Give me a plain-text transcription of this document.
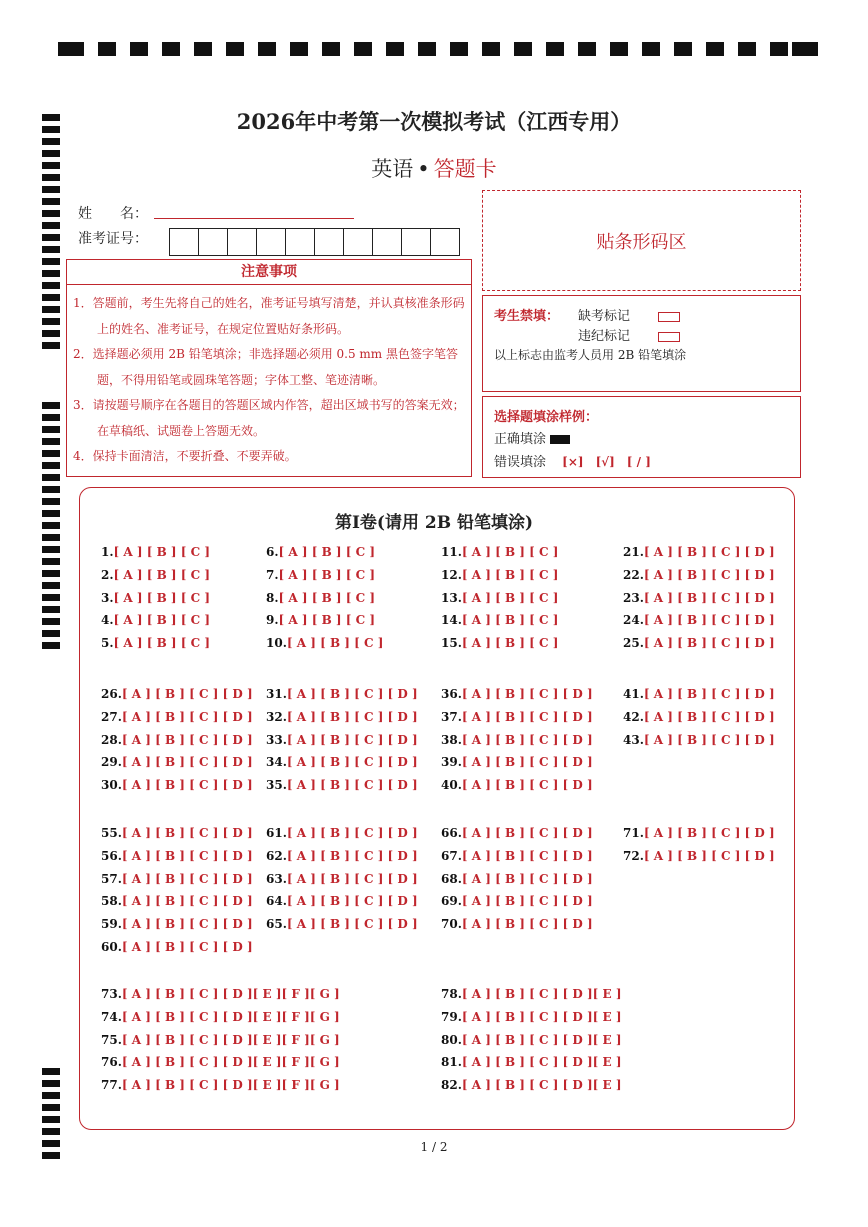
2026年中考第一次模拟考试（江西专用）
英语 • 答题卡
姓　　名：
准考证号：	贴条形码区
注意事项
1．答题前，考生先将自己的姓名，准考证号填写清楚，并认真核准条形码上的姓名、准考证号，在规定位置贴好条形码。
2．选择题必须用 2B 铅笔填涂；非选择题必须用 0.5 mm 黑色签字笔答题，不得用铅笔或圆珠笔答题；字体工整、笔迹清晰。
3．请按题号顺序在各题目的答题区域内作答，超出区域书写的答案无效；在草稿纸、试题卷上答题无效。
4．保持卡面清洁，不要折叠、不要弄破。
考生禁填： 缺考标记
违纪标记
以上标志由监考人员用 2B 铅笔填涂
选择题填涂样例：
正确填涂
错误填涂 [×]　[√]　[ / ]
第I卷(请用 2B 铅笔填涂)
1.[ A ] [ B ] [ C ]
2.[ A ] [ B ] [ C ]
3.[ A ] [ B ] [ C ]
4.[ A ] [ B ] [ C ]
5.[ A ] [ B ] [ C ]
6.[ A ] [ B ] [ C ]
7.[ A ] [ B ] [ C ]
8.[ A ] [ B ] [ C ]
9.[ A ] [ B ] [ C ]
10.[ A ] [ B ] [ C ]
11.[ A ] [ B ] [ C ]
12.[ A ] [ B ] [ C ]
13.[ A ] [ B ] [ C ]
14.[ A ] [ B ] [ C ]
15.[ A ] [ B ] [ C ]
21.[ A ] [ B ] [ C ] [ D ]
22.[ A ] [ B ] [ C ] [ D ]
23.[ A ] [ B ] [ C ] [ D ]
24.[ A ] [ B ] [ C ] [ D ]
25.[ A ] [ B ] [ C ] [ D ]
26.[ A ] [ B ] [ C ] [ D ]
27.[ A ] [ B ] [ C ] [ D ]
28.[ A ] [ B ] [ C ] [ D ]
29.[ A ] [ B ] [ C ] [ D ]
30.[ A ] [ B ] [ C ] [ D ]
31.[ A ] [ B ] [ C ] [ D ]
32.[ A ] [ B ] [ C ] [ D ]
33.[ A ] [ B ] [ C ] [ D ]
34.[ A ] [ B ] [ C ] [ D ]
35.[ A ] [ B ] [ C ] [ D ]
36.[ A ] [ B ] [ C ] [ D ]
37.[ A ] [ B ] [ C ] [ D ]
38.[ A ] [ B ] [ C ] [ D ]
39.[ A ] [ B ] [ C ] [ D ]
40.[ A ] [ B ] [ C ] [ D ]
41.[ A ] [ B ] [ C ] [ D ]
42.[ A ] [ B ] [ C ] [ D ]
43.[ A ] [ B ] [ C ] [ D ]
55.[ A ] [ B ] [ C ] [ D ]
56.[ A ] [ B ] [ C ] [ D ]
57.[ A ] [ B ] [ C ] [ D ]
58.[ A ] [ B ] [ C ] [ D ]
59.[ A ] [ B ] [ C ] [ D ]
60.[ A ] [ B ] [ C ] [ D ]
61.[ A ] [ B ] [ C ] [ D ]
62.[ A ] [ B ] [ C ] [ D ]
63.[ A ] [ B ] [ C ] [ D ]
64.[ A ] [ B ] [ C ] [ D ]
65.[ A ] [ B ] [ C ] [ D ]
66.[ A ] [ B ] [ C ] [ D ]
67.[ A ] [ B ] [ C ] [ D ]
68.[ A ] [ B ] [ C ] [ D ]
69.[ A ] [ B ] [ C ] [ D ]
70.[ A ] [ B ] [ C ] [ D ]
71.[ A ] [ B ] [ C ] [ D ]
72.[ A ] [ B ] [ C ] [ D ]
73.[ A ] [ B ] [ C ] [ D ][ E ][ F ][ G ]
74.[ A ] [ B ] [ C ] [ D ][ E ][ F ][ G ]
75.[ A ] [ B ] [ C ] [ D ][ E ][ F ][ G ]
76.[ A ] [ B ] [ C ] [ D ][ E ][ F ][ G ]
77.[ A ] [ B ] [ C ] [ D ][ E ][ F ][ G ]
78.[ A ] [ B ] [ C ] [ D ][ E ]
79.[ A ] [ B ] [ C ] [ D ][ E ]
80.[ A ] [ B ] [ C ] [ D ][ E ]
81.[ A ] [ B ] [ C ] [ D ][ E ]
82.[ A ] [ B ] [ C ] [ D ][ E ]
1 / 2
